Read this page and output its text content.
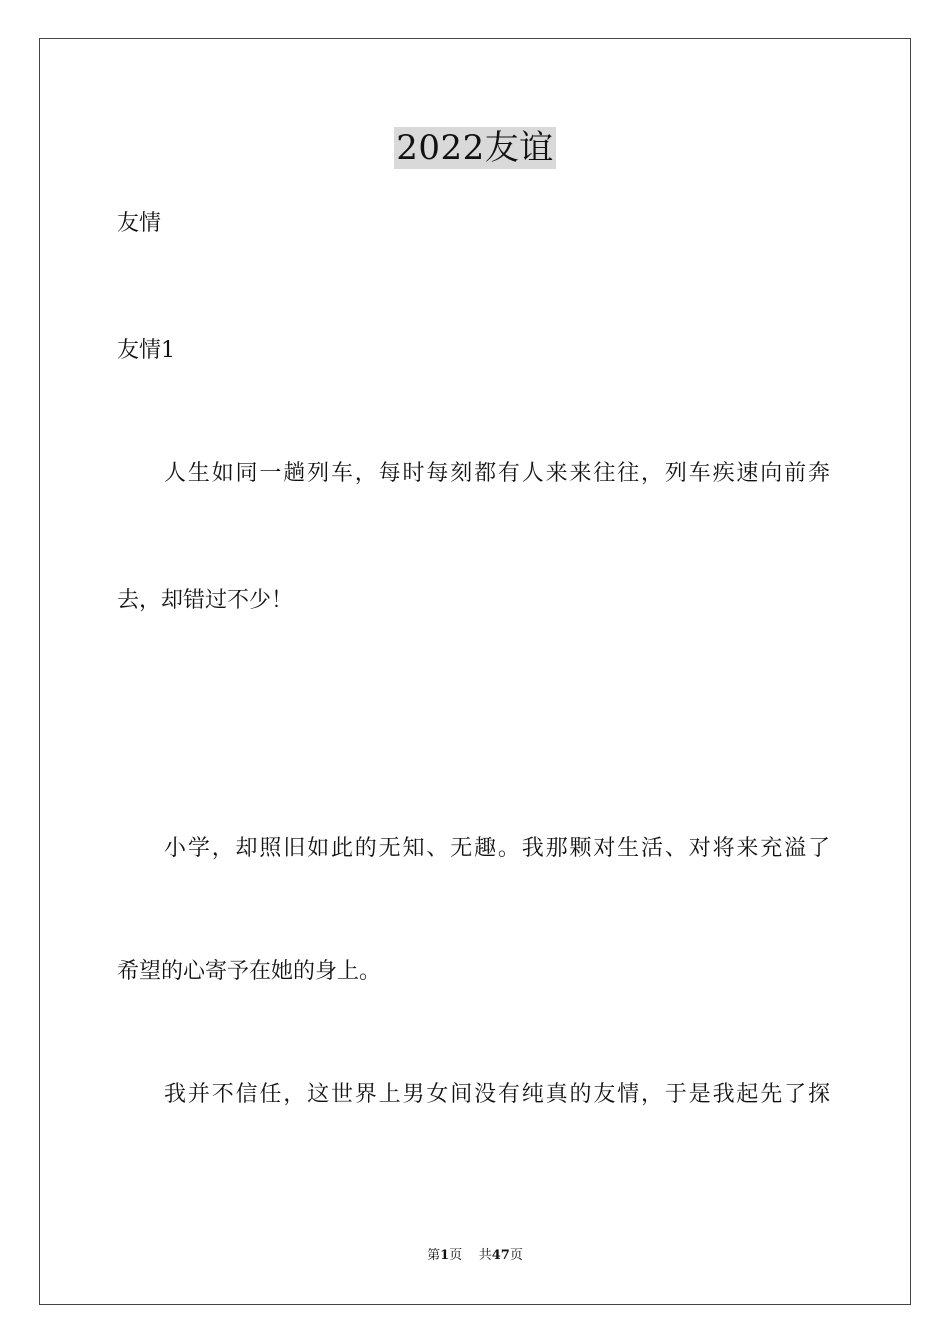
2022友谊
友情
友情1
人生如同一趟列车，每时每刻都有人来来往往，列车疾速向前奔
去，却错过不少！
小学，却照旧如此的无知、无趣。我那颗对生活、对将来充溢了
希望的心寄予在她的身上。
我并不信任，这世界上男女间没有纯真的友情，于是我起先了探
第1页 共47页
